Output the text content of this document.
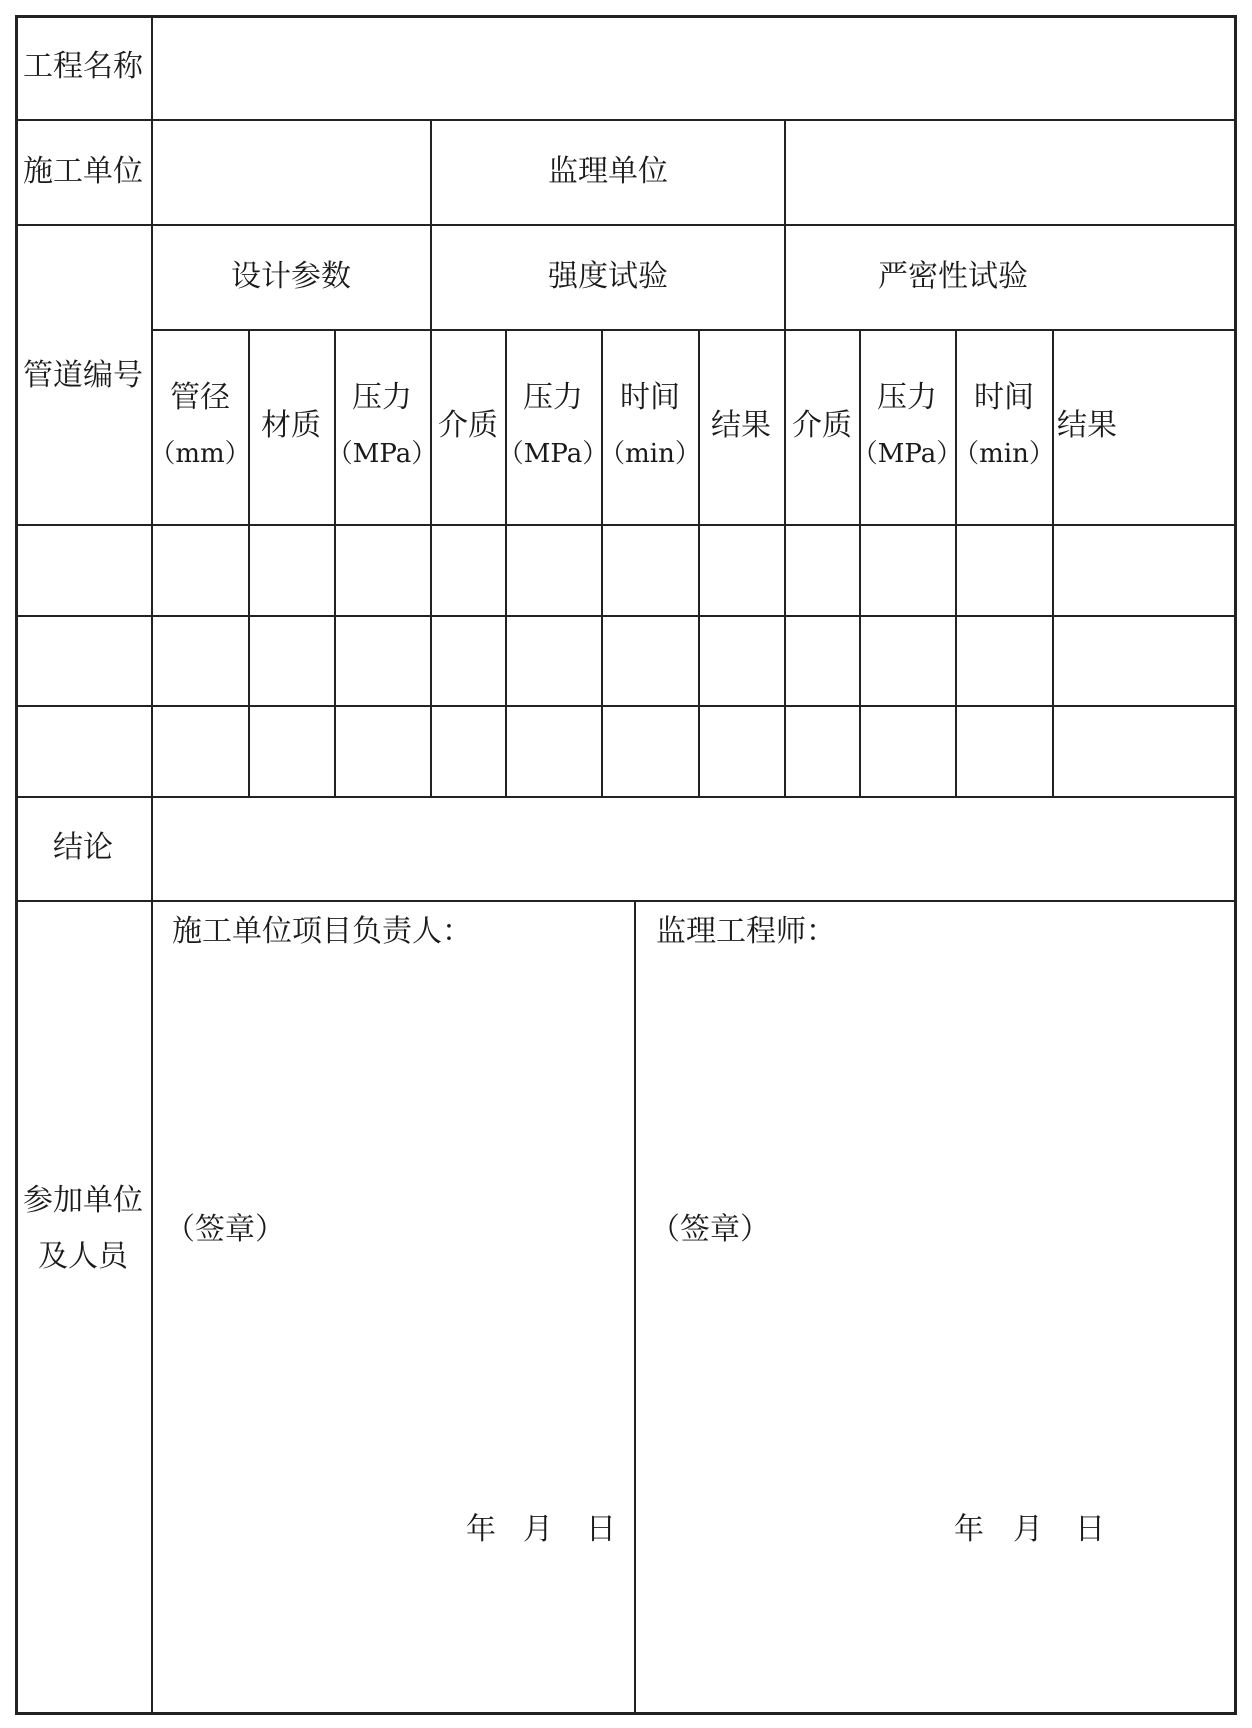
工程名称
施工单位
管道编号
结论
参加单位
及人员
监理单位
设计参数	强度试验	严密性试验
管径
（mm）
材质
压力
（MPa）
介质
压力
（MPa）
时间
（min）
结果 介质
压力
（MPa）
时间
（min）
结果
施工单位项目负责人：
（签章）
年 月 日
监理工程师：
（签章）
年 月 日
